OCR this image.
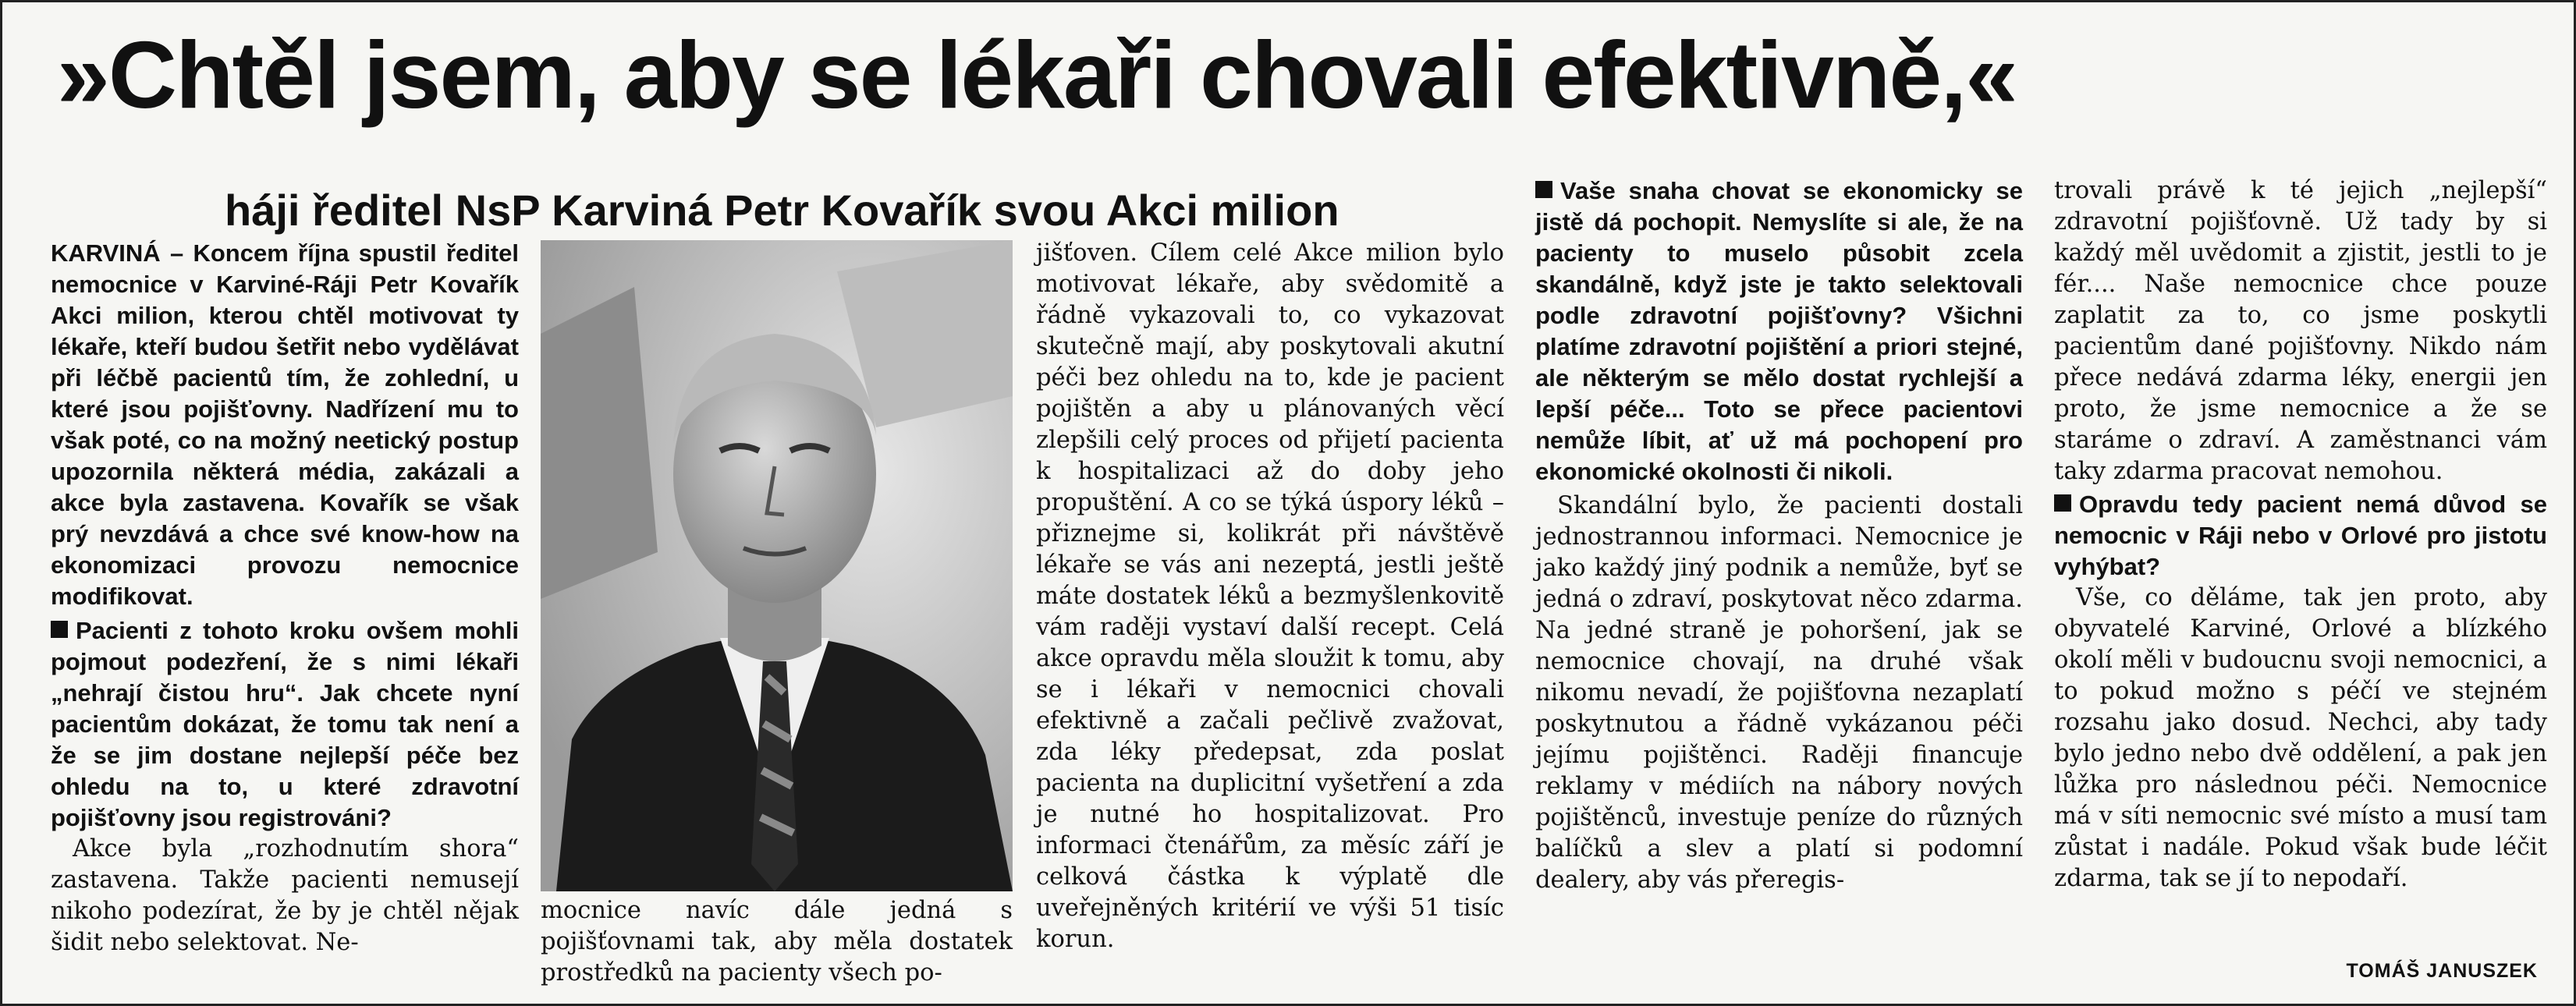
»Chtěl jsem, aby se lékaři chovali efektivně,«
háji ředitel NsP Karviná Petr Kovařík svou Akci milion

KARVINÁ – Koncem října spustil ředitel nemocnice v Karviné-Ráji Petr Kovařík Akci milion, kterou chtěl motivovat ty lékaře, kteří budou šetřit nebo vydělávat při léčbě pacientů tím, že zohlední, u které jsou pojišťovny. Nadřízení mu to však poté, co na možný neetický postup upozornila některá média, zakázali a akce byla zastavena. Kovařík se však prý nevzdává a chce své know-how na ekonomizaci provozu nemocnice modifikovat.

Pacienti z tohoto kroku ovšem mohli pojmout podezření, že s nimi lékaři „nehrají čistou hru“. Jak chcete nyní pacientům dokázat, že tomu tak není a že se jim dostane nejlepší péče bez ohledu na to, u které zdravotní pojišťovny jsou registrováni?

Akce byla „rozhodnutím shora“ zastavena. Takže pacienti nemusejí nikoho podezírat, že by je chtěl nějak šidit nebo selektovat. Ne-

mocnice navíc dále jedná s pojišťovnami tak, aby měla dostatek prostředků na pacienty všech po-

jišťoven. Cílem celé Akce milion bylo motivovat lékaře, aby svědomitě a řádně vykazovali to, co vykazovat skutečně mají, aby poskytovali akutní péči bez ohledu na to, kde je pacient pojištěn a aby u plánovaných věcí zlepšili celý proces od přijetí pacienta k hospitalizaci až do doby jeho propuštění. A co se týká úspory léků – přiznejme si, kolikrát při návštěvě lékaře se vás ani nezeptá, jestli ještě máte dostatek léků a bezmyšlenkovitě vám raději vystaví další recept. Celá akce opravdu měla sloužit k tomu, aby se i lékaři v nemocnici chovali efektivně a začali pečlivě zvažovat, zda léky předepsat, zda poslat pacienta na duplicitní vyšetření a zda je nutné ho hospitalizovat. Pro informaci čtenářům, za měsíc září je celková částka k výplatě dle uveřejněných kritérií ve výši 51 tisíc korun.

Vaše snaha chovat se ekonomicky se jistě dá pochopit. Nemyslíte si ale, že na pacienty to muselo působit zcela skandálně, když jste je takto selektovali podle zdravotní pojišťovny? Všichni platíme zdravotní pojištění a priori stejné, ale některým se mělo dostat rychlejší a lepší péče... Toto se přece pacientovi nemůže líbit, ať už má pochopení pro ekonomické okolnosti či nikoli.

Skandální bylo, že pacienti dostali jednostrannou informaci. Nemocnice je jako každý jiný podnik a nemůže, byť se jedná o zdraví, poskytovat něco zdarma. Na jedné straně je pohoršení, jak se nemocnice chovají, na druhé však nikomu nevadí, že pojišťovna nezaplatí poskytnutou a řádně vykázanou péči jejímu pojištěnci. Raději financuje reklamy v médiích na nábory nových pojištěnců, investuje peníze do různých balíčků a slev a platí si podomní dealery, aby vás přeregis-

trovali právě k té jejich „nejlepší“ zdravotní pojišťovně. Už tady by si každý měl uvědomit a zjistit, jestli to je fér.... Naše nemocnice chce pouze zaplatit za to, co jsme poskytli pacientům dané pojišťovny. Nikdo nám přece nedává zdarma léky, energii jen proto, že jsme nemocnice a že se staráme o zdraví. A zaměstnanci vám taky zdarma pracovat nemohou.

Opravdu tedy pacient nemá důvod se nemocnic v Ráji nebo v Orlové pro jistotu vyhýbat?

Vše, co děláme, tak jen proto, aby obyvatelé Karviné, Orlové a blízkého okolí měli v budoucnu svoji nemocnici, a to pokud možno s péčí ve stejném rozsahu jako dosud. Nechci, aby tady bylo jedno nebo dvě oddělení, a pak jen lůžka pro následnou péči. Nemocnice má v síti nemocnic své místo a musí tam zůstat i nadále. Pokud však bude léčit zdarma, tak se jí to nepodaří.

TOMÁŠ JANUSZEK
